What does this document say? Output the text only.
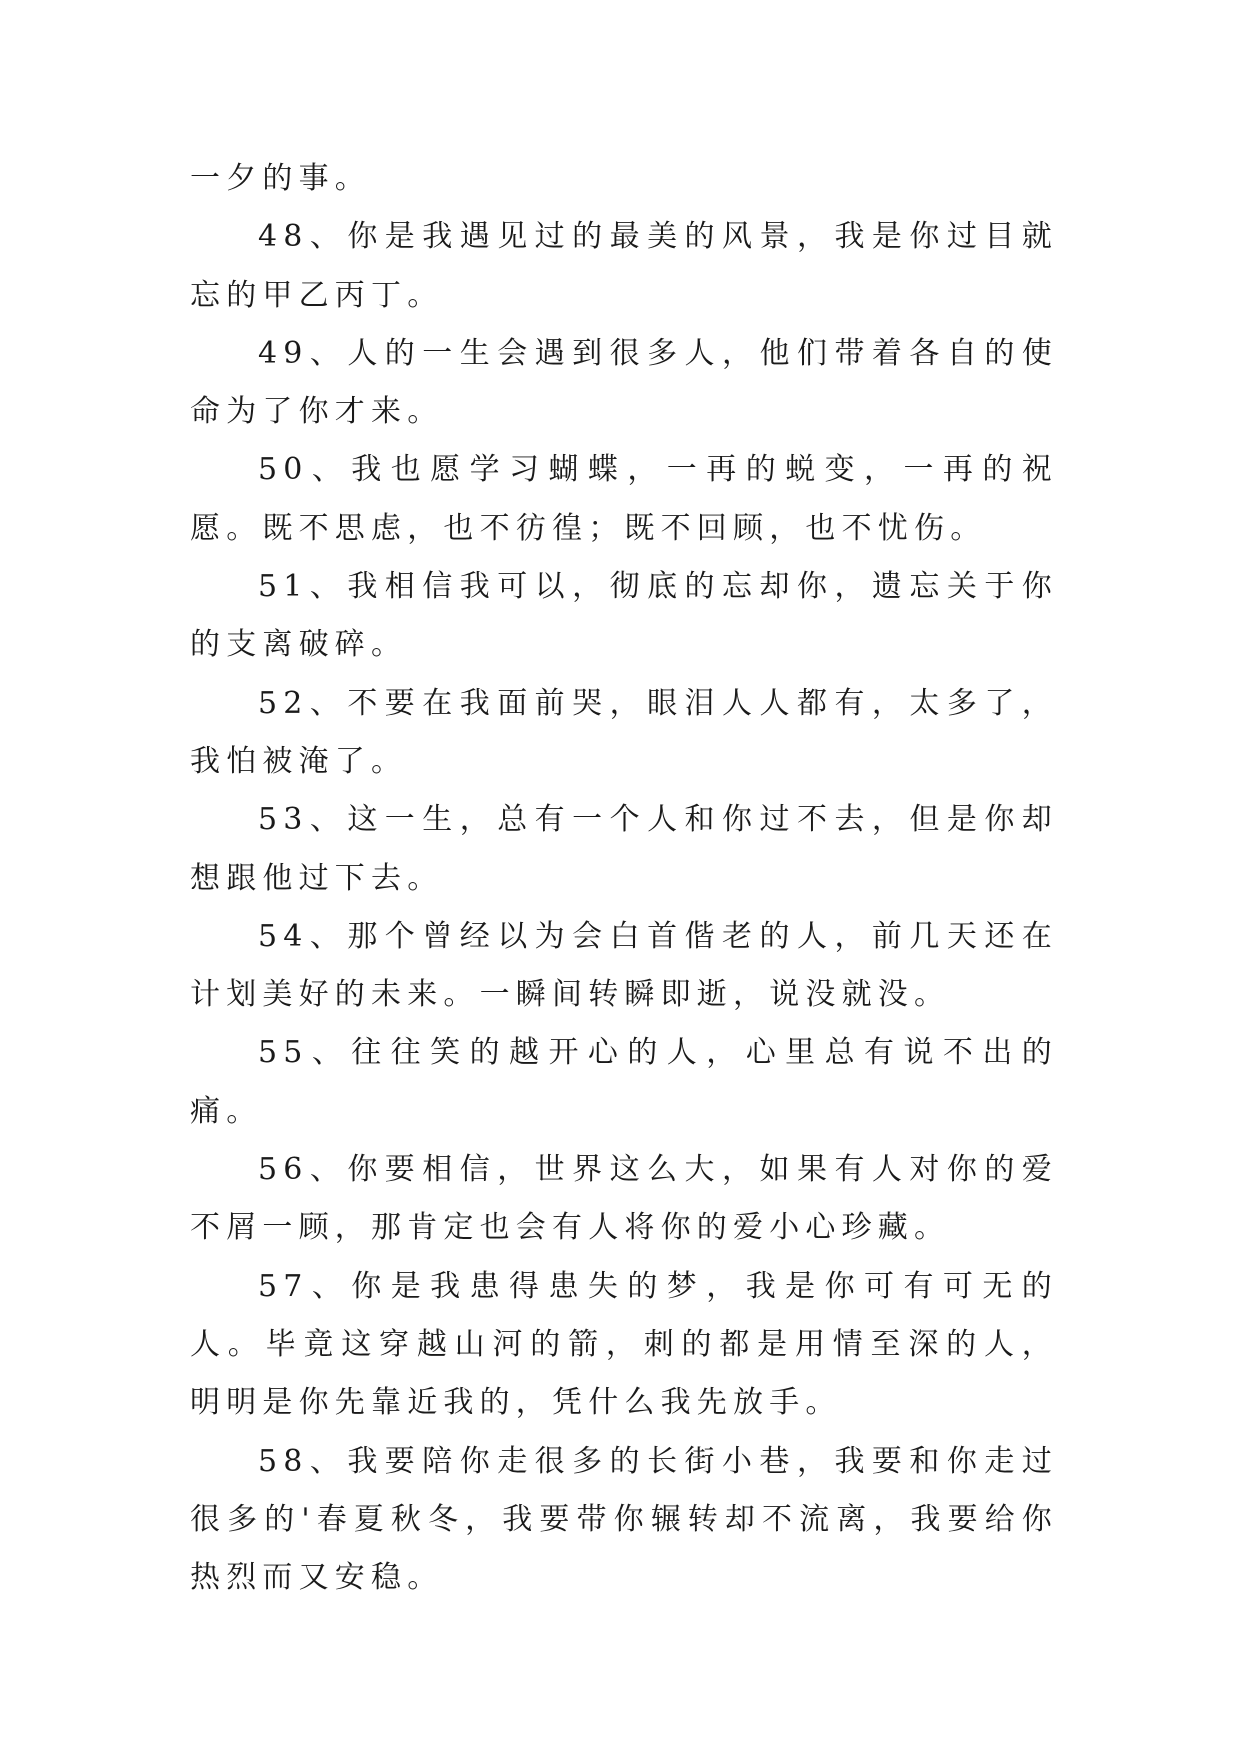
一夕的事。

48、你是我遇见过的最美的风景，我是你过目就忘的甲乙丙丁。

49、人的一生会遇到很多人，他们带着各自的使命为了你才来。

50、我也愿学习蝴蝶，一再的蜕变，一再的祝愿。既不思虑，也不彷徨；既不回顾，也不忧伤。

51、我相信我可以，彻底的忘却你，遗忘关于你的支离破碎。

52、不要在我面前哭，眼泪人人都有，太多了，我怕被淹了。

53、这一生，总有一个人和你过不去，但是你却想跟他过下去。

54、那个曾经以为会白首偕老的人，前几天还在计划美好的未来。一瞬间转瞬即逝，说没就没。

55、往往笑的越开心的人，心里总有说不出的痛。

56、你要相信，世界这么大，如果有人对你的爱不屑一顾，那肯定也会有人将你的爱小心珍藏。

57、你是我患得患失的梦，我是你可有可无的人。毕竟这穿越山河的箭，刺的都是用情至深的人，明明是你先靠近我的，凭什么我先放手。

58、我要陪你走很多的长街小巷，我要和你走过很多的'春夏秋冬，我要带你辗转却不流离，我要给你热烈而又安稳。
